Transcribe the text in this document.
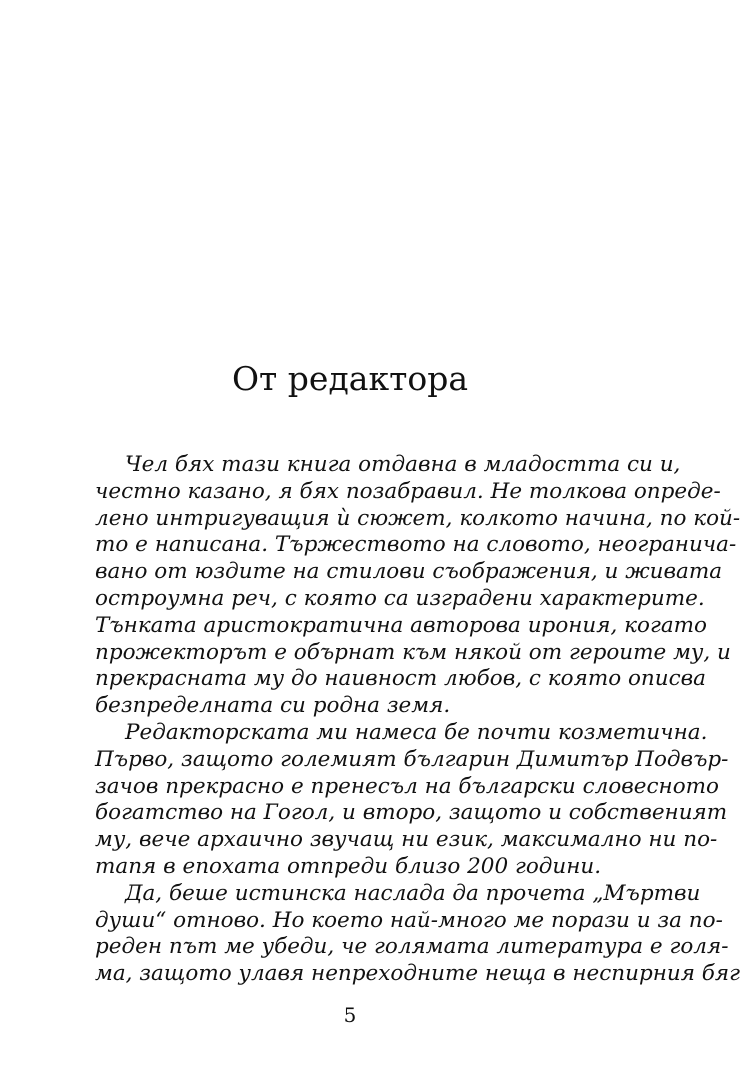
От редактора
Чел бях тази книга отдавна в младостта си и,
честно казано, я бях позабравил. Не толкова опреде-
лено интригуващия ѝ сюжет, колкото начина, по кой-
то е написана. Тържеството на словото, неогранича-
вано от юздите на стилови съображения, и живата
остроумна реч, с която са изградени характерите.
Тънката аристократична авторова ирония, когато
прожекторът е обърнат към някой от героите му, и
прекрасната му до наивност любов, с която описва
безпределната си родна земя.
Редакторската ми намеса бе почти козметична.
Първо, защото големият българин Димитър Подвър-
зачов прекрасно е пренесъл на български словесното
богатство на Гогол, и второ, защото и собственият
му, вече архаично звучащ ни език, максимално ни по-
тапя в епохата отпреди близо 200 години.
Да, беше истинска наслада да прочета „Мъртви
души“ отново. Но което най-много ме порази и за по-
реден път ме убеди, че голямата литература е голя-
ма, защото улавя непреходните неща в неспирния бяг
5
